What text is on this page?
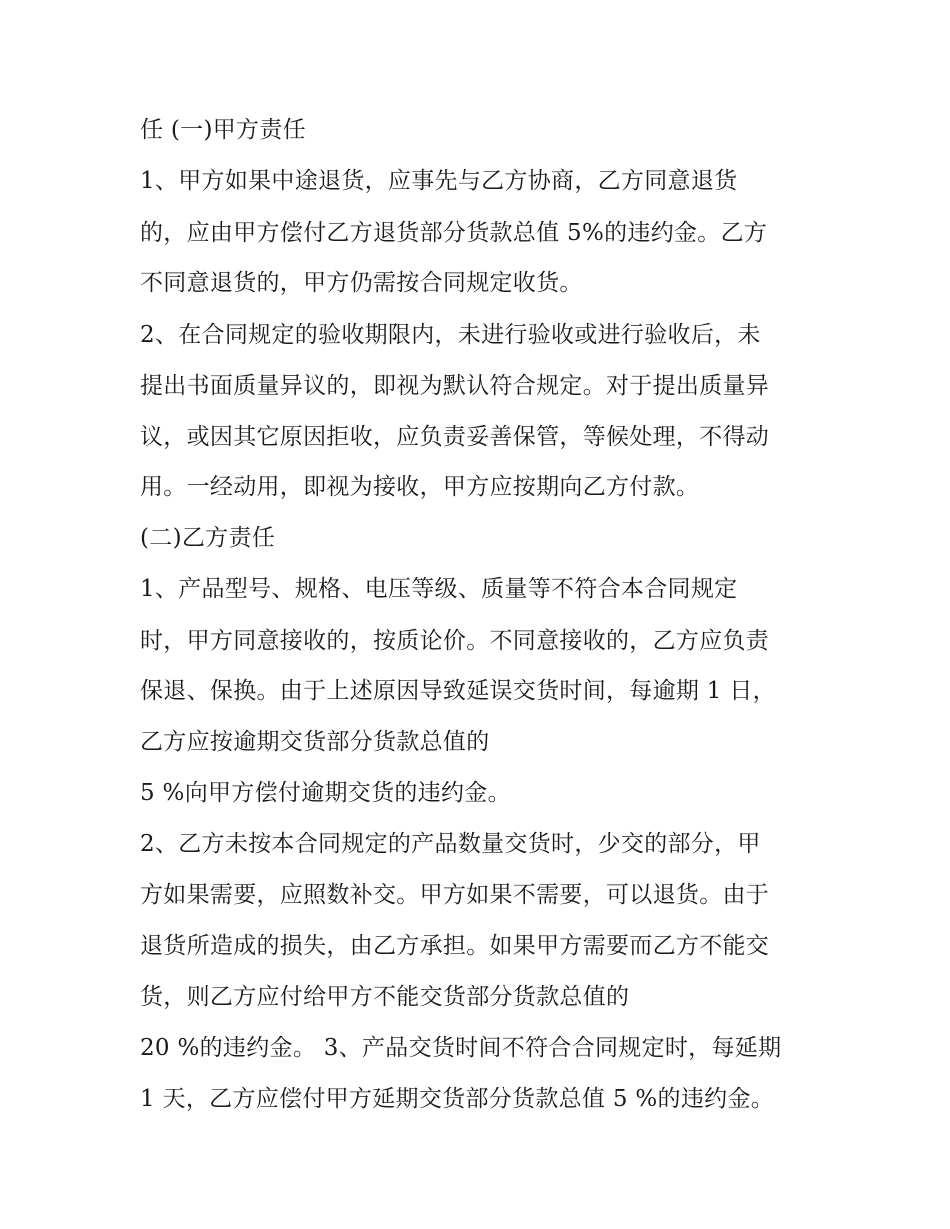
任 (一)甲方责任
1、甲方如果中途退货，应事先与乙方协商，乙方同意退货
的，应由甲方偿付乙方退货部分货款总值 5%的违约金。乙方
不同意退货的，甲方仍需按合同规定收货。
2、在合同规定的验收期限内，未进行验收或进行验收后，未
提出书面质量异议的，即视为默认符合规定。对于提出质量异
议，或因其它原因拒收，应负责妥善保管，等候处理，不得动
用。一经动用，即视为接收，甲方应按期向乙方付款。
(二)乙方责任
1、产品型号、规格、电压等级、质量等不符合本合同规定
时，甲方同意接收的，按质论价。不同意接收的，乙方应负责
保退、保换。由于上述原因导致延误交货时间，每逾期 1 日，
乙方应按逾期交货部分货款总值的
5 %向甲方偿付逾期交货的违约金。
2、乙方未按本合同规定的产品数量交货时，少交的部分，甲
方如果需要，应照数补交。甲方如果不需要，可以退货。由于
退货所造成的损失，由乙方承担。如果甲方需要而乙方不能交
货，则乙方应付给甲方不能交货部分货款总值的
20 %的违约金。 3、产品交货时间不符合合同规定时，每延期
1 天，乙方应偿付甲方延期交货部分货款总值 5 %的违约金。
